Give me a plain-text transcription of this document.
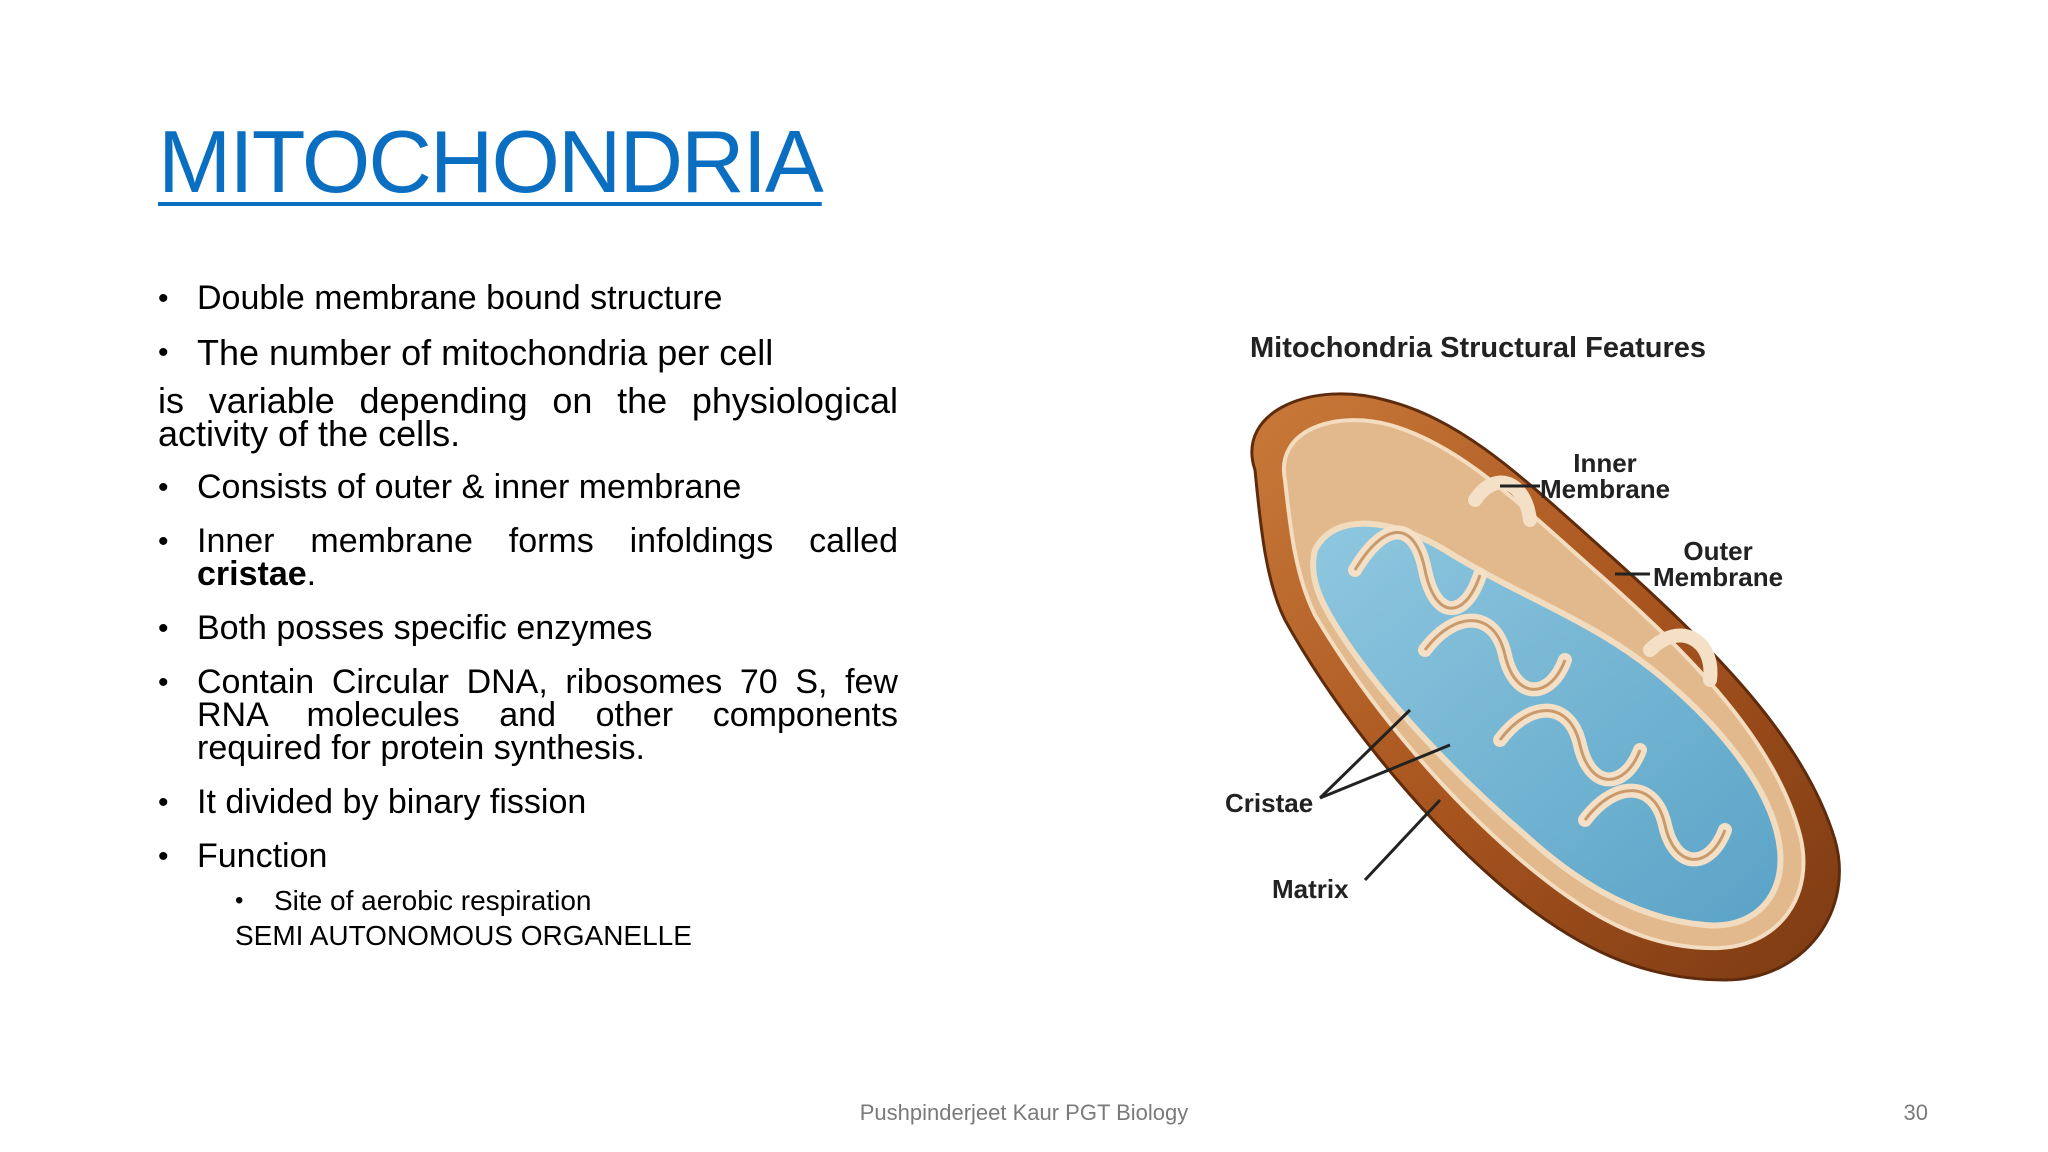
MITOCHONDRIA
• Double membrane bound structure
• The number of mitochondria per cell
is variable depending on the physiological activity of the cells.
• Consists of outer & inner membrane
• Inner membrane forms infoldings called cristae.
• Both posses specific enzymes
• Contain Circular DNA, ribosomes 70 S, few RNA molecules and other components required for protein synthesis.
• It divided by binary fission
• Function
• Site of aerobic respiration
SEMI AUTONOMOUS ORGANELLE
Mitochondria Structural Features
Inner
Membrane
Outer
Membrane
Cristae
Matrix
Pushpinderjeet Kaur PGT Biology	30
